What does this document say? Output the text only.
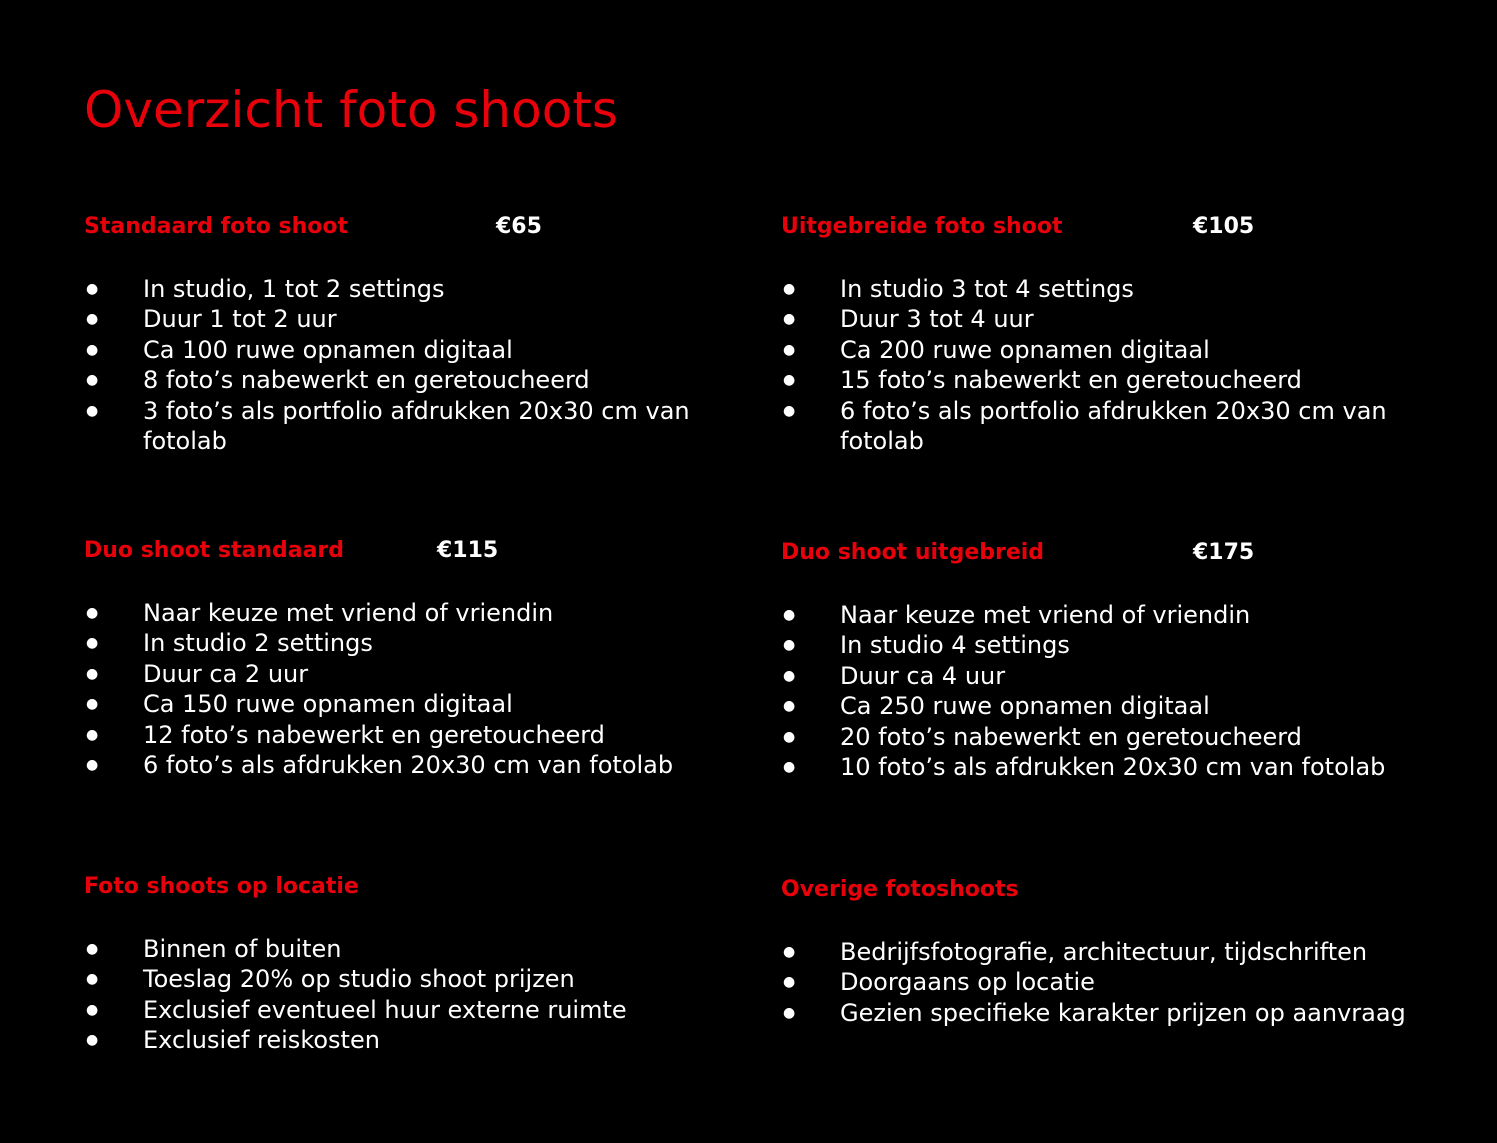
Overzicht foto shoots
Standaard foto shoot	€65
● In studio, 1 tot 2 settings
● Duur 1 tot 2 uur
● Ca 100 ruwe opnamen digitaal
● 8 foto’s nabewerkt en geretoucheerd
● 3 foto’s als portfolio afdrukken 20x30 cm van fotolab
Uitgebreide foto shoot	€105
● In studio 3 tot 4 settings
● Duur 3 tot 4 uur
● Ca 200 ruwe opnamen digitaal
● 15 foto’s nabewerkt en geretoucheerd
● 6 foto’s als portfolio afdrukken 20x30 cm van fotolab
Duo shoot standaard	€115
● Naar keuze met vriend of vriendin
● In studio 2 settings
● Duur ca 2 uur
● Ca 150 ruwe opnamen digitaal
● 12 foto’s nabewerkt en geretoucheerd
● 6 foto’s als afdrukken 20x30 cm van fotolab
Duo shoot uitgebreid	€175
● Naar keuze met vriend of vriendin
● In studio 4 settings
● Duur ca 4 uur
● Ca 250 ruwe opnamen digitaal
● 20 foto’s nabewerkt en geretoucheerd
● 10 foto’s als afdrukken 20x30 cm van fotolab
Foto shoots op locatie
● Binnen of buiten
● Toeslag 20% op studio shoot prijzen
● Exclusief eventueel huur externe ruimte
● Exclusief reiskosten
Overige fotoshoots
● Bedrijfsfotografie, architectuur, tijdschriften
● Doorgaans op locatie
● Gezien specifieke karakter prijzen op aanvraag
